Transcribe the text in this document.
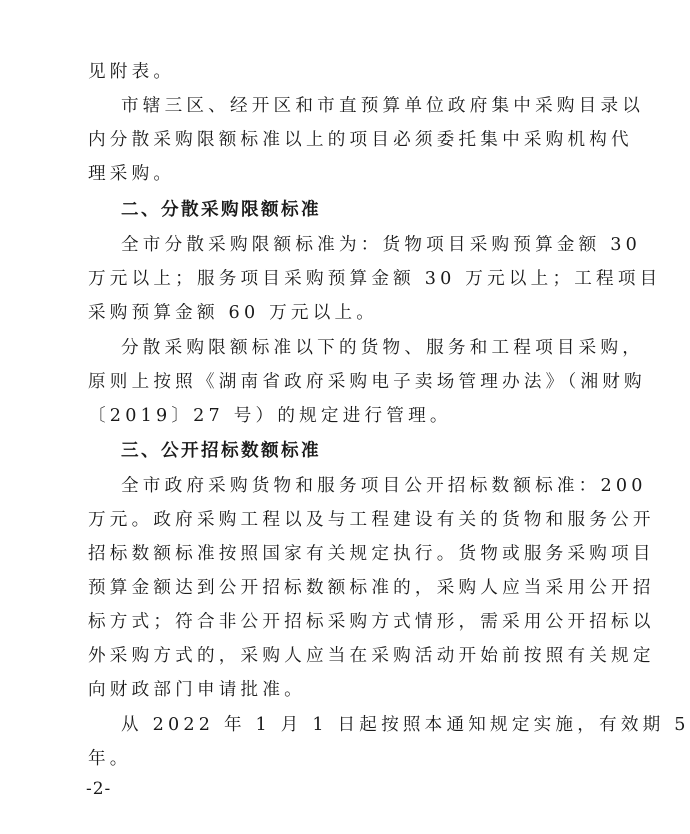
见附表。
市辖三区、经开区和市直预算单位政府集中采购目录以
内分散采购限额标准以上的项目必须委托集中采购机构代
理采购。
二、分散采购限额标准
全市分散采购限额标准为：货物项目采购预算金额 30
万元以上；服务项目采购预算金额 30 万元以上；工程项目
采购预算金额 60 万元以上。
分散采购限额标准以下的货物、服务和工程项目采购，
原则上按照《湖南省政府采购电子卖场管理办法》（湘财购
〔2019〕27 号）的规定进行管理。
三、公开招标数额标准
全市政府采购货物和服务项目公开招标数额标准：200
万元。政府采购工程以及与工程建设有关的货物和服务公开
招标数额标准按照国家有关规定执行。货物或服务采购项目
预算金额达到公开招标数额标准的，采购人应当采用公开招
标方式；符合非公开招标采购方式情形，需采用公开招标以
外采购方式的，采购人应当在采购活动开始前按照有关规定
向财政部门申请批准。
从 2022 年 1 月 1 日起按照本通知规定实施，有效期 5
年。
-2-
